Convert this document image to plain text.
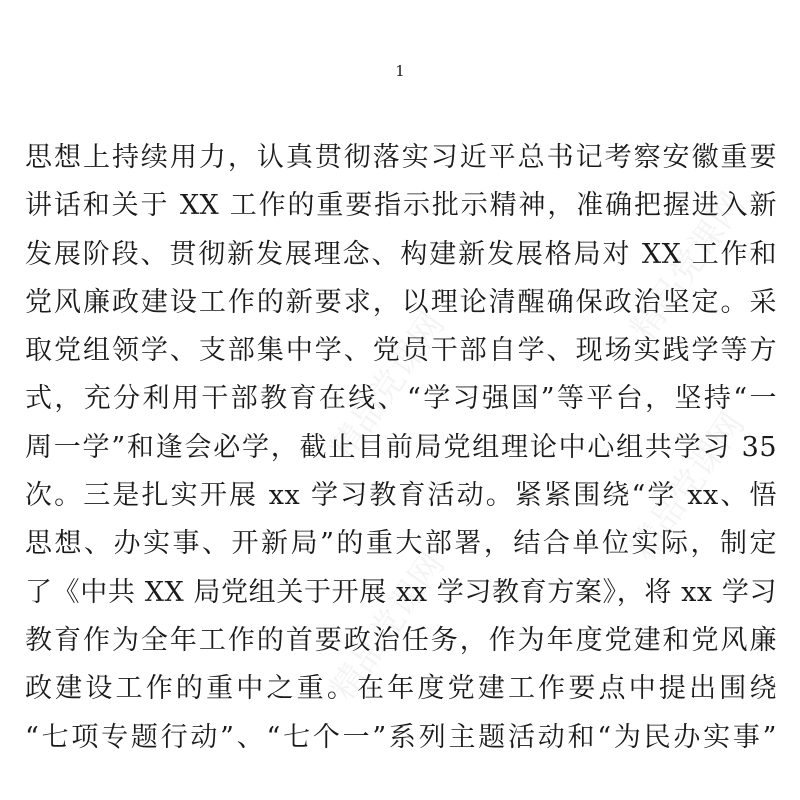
1
精品党课网
精品党课网
精品党课网
精品党课网
思想上持续用力，认真贯彻落实习近平总书记考察安徽重要
讲话和关于 XX 工作的重要指示批示精神，准确把握进入新
发展阶段、贯彻新发展理念、构建新发展格局对 XX 工作和
党风廉政建设工作的新要求，以理论清醒确保政治坚定。采
取党组领学、支部集中学、党员干部自学、现场实践学等方
式，充分利用干部教育在线、“学习强国”等平台，坚持“一
周一学”和逢会必学，截止目前局党组理论中心组共学习 35
次。三是扎实开展 xx 学习教育活动。紧紧围绕“学 xx、悟
思想、办实事、开新局”的重大部署，结合单位实际，制定
了《中共 XX 局党组关于开展 xx 学习教育方案》，将 xx 学习
教育作为全年工作的首要政治任务，作为年度党建和党风廉
政建设工作的重中之重。在年度党建工作要点中提出围绕
“七项专题行动”、“七个一”系列主题活动和“为民办实事”
